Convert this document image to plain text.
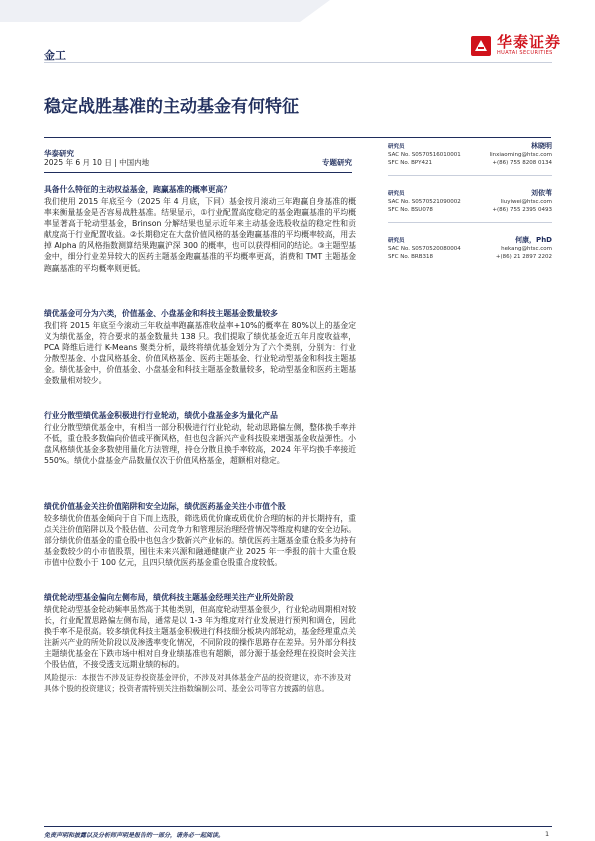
金工
华泰证券
HUATAI SECURITIES
稳定战胜基准的主动基金有何特征
华泰研究
2025 年 6 月 10 日 | 中国内地	专题研究
研究员	林晓明
SAC No. S0570516010001	linxiaoming@htsc.com
SFC No. BPY421	+(86) 755 8208 0134
研究员	刘依苇
SAC No. S0570521090002	liuyiwei@htsc.com
SFC No. BSU078	+(86) 755 2395 0493
研究员	何康，PhD
SAC No. S0570520080004	hekang@htsc.com
SFC No. BRB318	+(86) 21 2897 2202
具备什么特征的主动权益基金，跑赢基准的概率更高？
我们使用 2015 年底至今（2025 年 4 月底，下同）基金按月滚动三年跑赢自身基准的概率来衡量基金是否容易战胜基准。结果显示，①行业配置高度稳定的基金跑赢基准的平均概率显著高于轮动型基金，Brinson 分解结果也显示近年来主动基金选股收益的稳定性和贡献度高于行业配置收益。②长期稳定在大盘价值风格的基金跑赢基准的平均概率较高，用去掉 Alpha 的风格指数测算结果跑赢沪深 300 的概率，也可以获得相同的结论。③主题型基金中，细分行业差异较大的医药主题基金跑赢基准的平均概率更高，消费和 TMT 主题基金跑赢基准的平均概率则更低。
绩优基金可分为六类，价值基金、小盘基金和科技主题基金数量较多
我们将 2015 年底至今滚动三年收益率跑赢基准收益率+10%的概率在 80%以上的基金定义为绩优基金，符合要求的基金数量共 138 只。我们提取了绩优基金近五年月度收益率，PCA 降维后进行 K-Means 聚类分析，最终将绩优基金划分为了六个类别，分别为：行业分散型基金、小盘风格基金、价值风格基金、医药主题基金、行业轮动型基金和科技主题基金。绩优基金中，价值基金、小盘基金和科技主题基金数量较多，轮动型基金和医药主题基金数量相对较少。
行业分散型绩优基金积极进行行业轮动，绩优小盘基金多为量化产品
行业分散型绩优基金中，有相当一部分积极进行行业轮动，轮动思路偏左侧，整体换手率并不低，重仓股多数偏向价值或平衡风格，但也包含新兴产业科技股来增强基金收益弹性。小盘风格绩优基金多数使用量化方法管理，持仓分散且换手率较高，2024 年平均换手率接近 550%。绩优小盘基金产品数量仅次于价值风格基金，超额相对稳定。
绩优价值基金关注价值陷阱和安全边际，绩优医药基金关注小市值个股
较多绩优价值基金倾向于自下而上选股，筛选质优价廉或质优价合理的标的并长期持有，重点关注价值陷阱以及个股估值、公司竞争力和管理层治理经营情况等维度构建的安全边际。部分绩优价值基金的重仓股中也包含少数新兴产业标的。绩优医药主题基金重仓股多为持有基金数较少的小市值股票，囤往未来兴源和融通健康产业 2025 年一季报的前十大重仓股市值中位数小于 100 亿元，且四只绩优医药基金重仓股重合度较低。
绩优轮动型基金偏向左侧布局，绩优科技主题基金经理关注产业所处阶段
绩优轮动型基金轮动频率虽然高于其他类别，但高度轮动型基金很少，行业轮动周期相对较长，行业配置思路偏左侧布局，通常是以 1-3 年为维度对行业发展进行预判和调仓，因此换手率不是很高。较多绩优科技主题基金积极进行科技细分板块内部轮动，基金经理重点关注新兴产业的所处阶段以及渗透率变化情况，不同阶段的操作思路存在差异。另外部分科技主题绩优基金在下跌市场中相对自身业绩基准也有超额，部分源于基金经理在投资时会关注个股估值，不接受透支远期业绩的标的。
风险提示：本报告不涉及证券投资基金评价，不涉及对具体基金产品的投资建议，亦不涉及对具体个股的投资建议；投资者需特别关注指数编制公司、基金公司等官方披露的信息。
免责声明和披露以及分析师声明是报告的一部分，请务必一起阅读。	1
